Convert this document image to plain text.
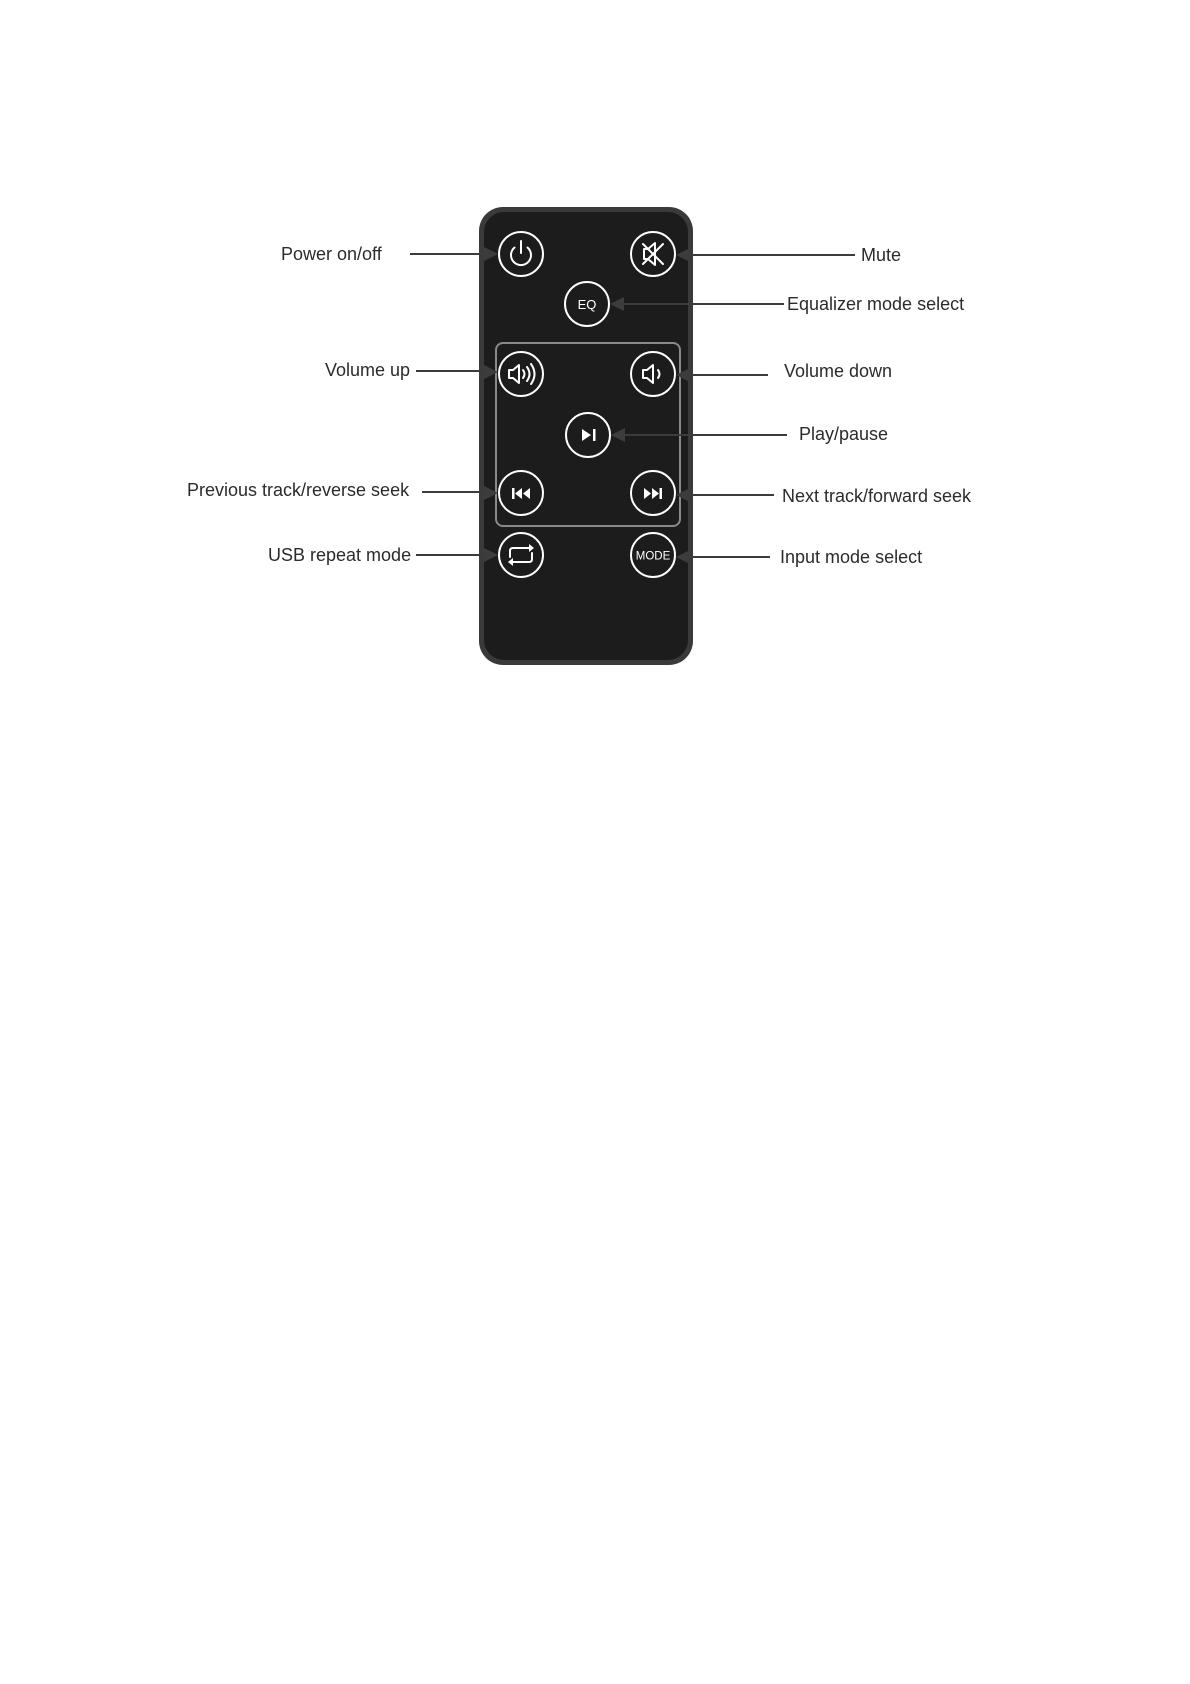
EQ
MODE
Power on/off
Volume up
Previous track/reverse seek
USB repeat mode
Mute
Equalizer mode select
Volume down
Play/pause
Next track/forward seek
Input mode select
